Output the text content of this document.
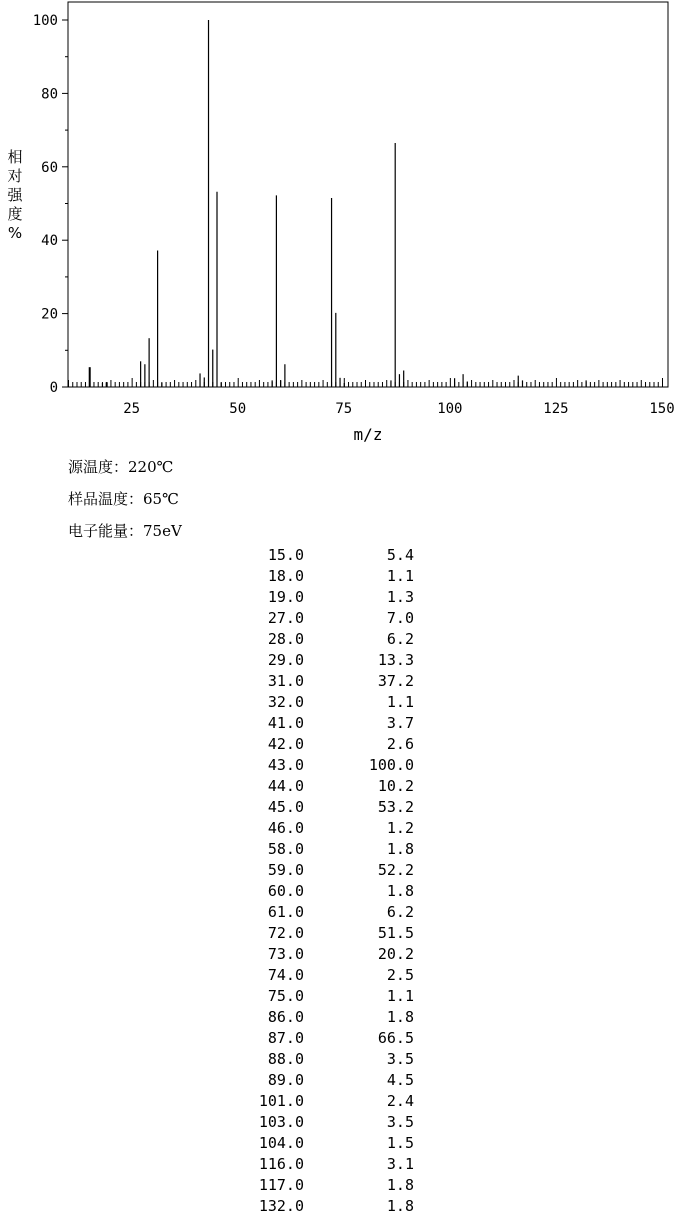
0
20
40
60
80
100
25	50	75	100	125	150
m/z
相
对
强
度
%
源温度：220℃
样品温度：65℃
电子能量：75eV
15.0	5.4
18.0	1.1
19.0	1.3
27.0	7.0
28.0	6.2
29.0	13.3
31.0	37.2
32.0	1.1
41.0	3.7
42.0	2.6
43.0	100.0
44.0	10.2
45.0	53.2
46.0	1.2
58.0	1.8
59.0	52.2
60.0	1.8
61.0	6.2
72.0	51.5
73.0	20.2
74.0	2.5
75.0	1.1
86.0	1.8
87.0	66.5
88.0	3.5
89.0	4.5
101.0	2.4
103.0	3.5
104.0	1.5
116.0	3.1
117.0	1.8
132.0	1.8
